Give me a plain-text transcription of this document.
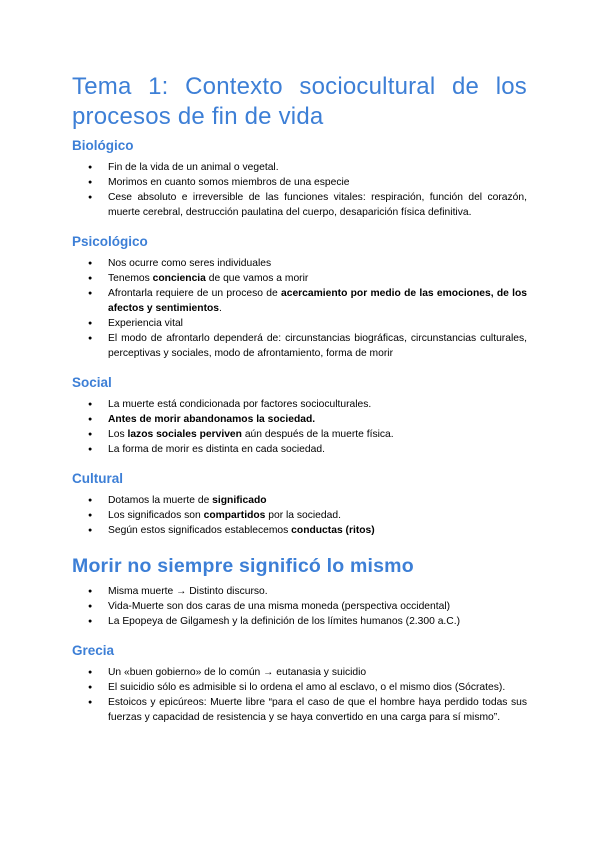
Tema 1: Contexto sociocultural de los
procesos de fin de vida
Biológico
● Fin de la vida de un animal o vegetal.
● Morimos en cuanto somos miembros de una especie
● Cese absoluto e irreversible de las funciones vitales: respiración, función del corazón, muerte cerebral, destrucción paulatina del cuerpo, desaparición física definitiva.
Psicológico
● Nos ocurre como seres individuales
● Tenemos conciencia de que vamos a morir
● Afrontarla requiere de un proceso de acercamiento por medio de las emociones, de los afectos y sentimientos.
● Experiencia vital
● El modo de afrontarlo dependerá de: circunstancias biográficas, circunstancias culturales, perceptivas y sociales, modo de afrontamiento, forma de morir
Social
● La muerte está condicionada por factores socioculturales.
● Antes de morir abandonamos la sociedad.
● Los lazos sociales perviven aún después de la muerte física.
● La forma de morir es distinta en cada sociedad.
Cultural
● Dotamos la muerte de significado
● Los significados son compartidos por la sociedad.
● Según estos significados establecemos conductas (ritos)
Morir no siempre significó lo mismo
● Misma muerte → Distinto discurso.
● Vida-Muerte son dos caras de una misma moneda (perspectiva occidental)
● La Epopeya de Gilgamesh y la definición de los límites humanos (2.300 a.C.)
Grecia
● Un «buen gobierno» de lo común → eutanasia y suicidio
● El suicidio sólo es admisible si lo ordena el amo al esclavo, o el mismo dios (Sócrates).
● Estoicos y epicúreos: Muerte libre “para el caso de que el hombre haya perdido todas sus fuerzas y capacidad de resistencia y se haya convertido en una carga para sí mismo”.
